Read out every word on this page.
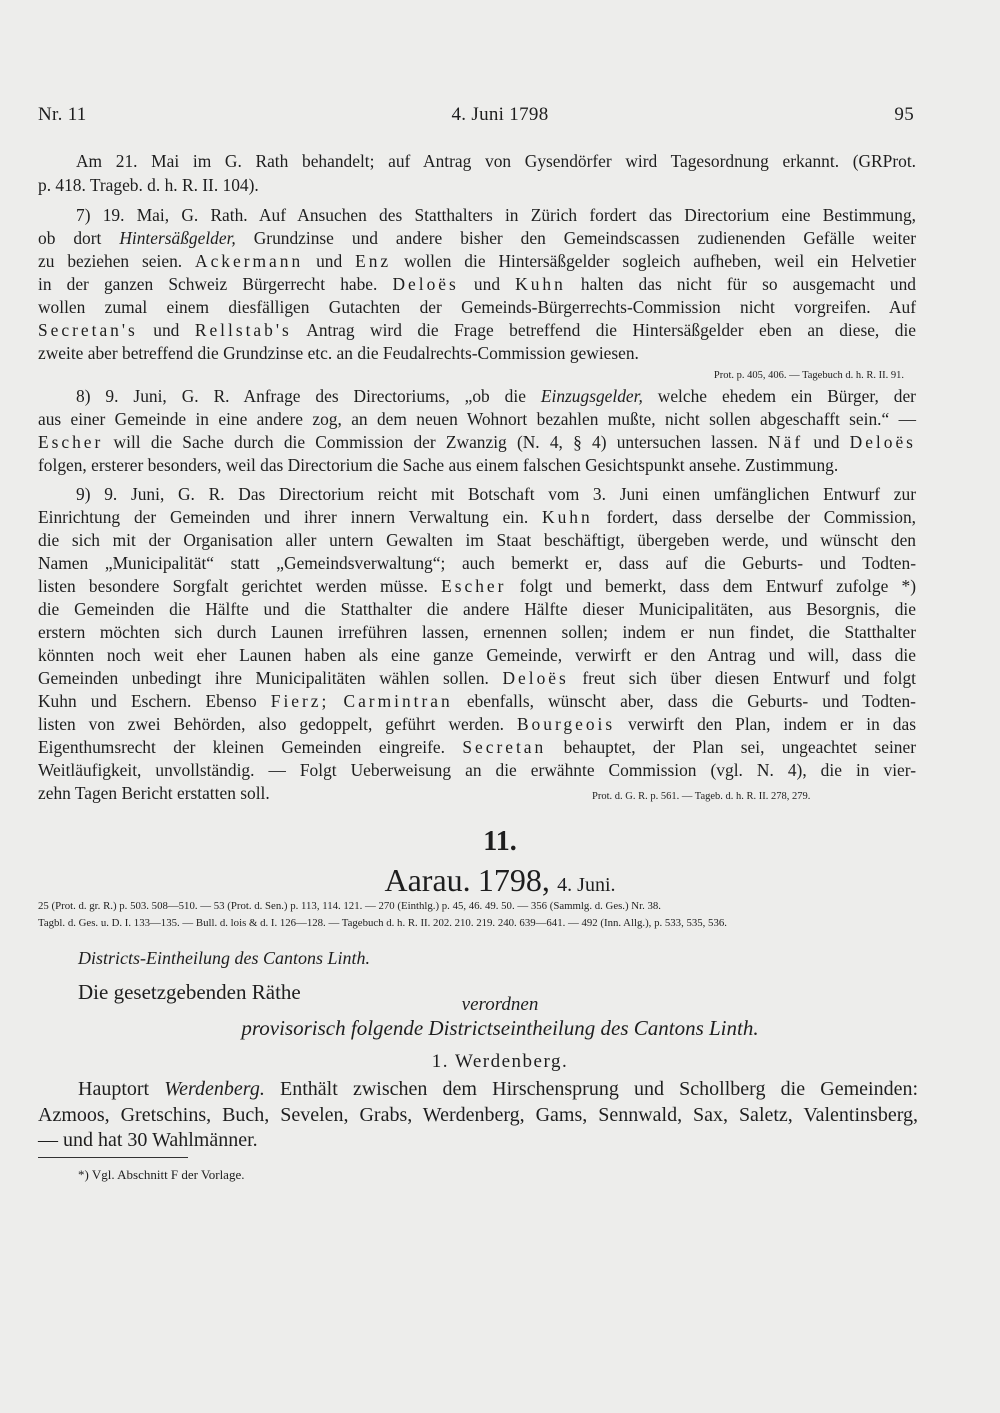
Nr. 11	4. Juni 1798	95
Am 21. Mai im G. Rath behandelt; auf Antrag von Gysendörfer wird Tagesordnung erkannt. (GRProt.
p. 418. Trageb. d. h. R. II. 104).
7) 19. Mai, G. Rath. Auf Ansuchen des Statthalters in Zürich fordert das Directorium eine Bestimmung,
ob dort Hintersäßgelder, Grundzinse und andere bisher den Gemeindscassen zudienenden Gefälle weiter
zu beziehen seien. Ackermann und Enz wollen die Hintersäßgelder sogleich aufheben, weil ein Helvetier
in der ganzen Schweiz Bürgerrecht habe. Deloës und Kuhn halten das nicht für so ausgemacht und
wollen zumal einem diesfälligen Gutachten der Gemeinds-Bürgerrechts-Commission nicht vorgreifen. Auf
Secretan's und Rellstab's Antrag wird die Frage betreffend die Hintersäßgelder eben an diese, die
zweite aber betreffend die Grundzinse etc. an die Feudalrechts-Commission gewiesen.
Prot. p. 405, 406. — Tagebuch d. h. R. II. 91.
8) 9. Juni, G. R. Anfrage des Directoriums, „ob die Einzugsgelder, welche ehedem ein Bürger, der
aus einer Gemeinde in eine andere zog, an dem neuen Wohnort bezahlen mußte, nicht sollen abgeschafft sein.“ —
Escher will die Sache durch die Commission der Zwanzig (N. 4, § 4) untersuchen lassen. Näf und Deloës
folgen, ersterer besonders, weil das Directorium die Sache aus einem falschen Gesichtspunkt ansehe. Zustimmung.
9) 9. Juni, G. R. Das Directorium reicht mit Botschaft vom 3. Juni einen umfänglichen Entwurf zur
Einrichtung der Gemeinden und ihrer innern Verwaltung ein. Kuhn fordert, dass derselbe der Commission,
die sich mit der Organisation aller untern Gewalten im Staat beschäftigt, übergeben werde, und wünscht den
Namen „Municipalität“ statt „Gemeindsverwaltung“; auch bemerkt er, dass auf die Geburts- und Todten-
listen besondere Sorgfalt gerichtet werden müsse. Escher folgt und bemerkt, dass dem Entwurf zufolge *)
die Gemeinden die Hälfte und die Statthalter die andere Hälfte dieser Municipalitäten, aus Besorgnis, die
erstern möchten sich durch Launen irreführen lassen, ernennen sollen; indem er nun findet, die Statthalter
könnten noch weit eher Launen haben als eine ganze Gemeinde, verwirft er den Antrag und will, dass die
Gemeinden unbedingt ihre Municipalitäten wählen sollen. Deloës freut sich über diesen Entwurf und folgt
Kuhn und Eschern. Ebenso Fierz; Carmintran ebenfalls, wünscht aber, dass die Geburts- und Todten-
listen von zwei Behörden, also gedoppelt, geführt werden. Bourgeois verwirft den Plan, indem er in das
Eigenthumsrecht der kleinen Gemeinden eingreife. Secretan behauptet, der Plan sei, ungeachtet seiner
Weitläufigkeit, unvollständig. — Folgt Ueberweisung an die erwähnte Commission (vgl. N. 4), die in vier-
zehn Tagen Bericht erstatten soll.	Prot. d. G. R. p. 561. — Tageb. d. h. R. II. 278, 279.
11.
Aarau. 1798, 4. Juni.
25 (Prot. d. gr. R.) p. 503. 508—510. — 53 (Prot. d. Sen.) p. 113, 114. 121. — 270 (Einthlg.) p. 45, 46. 49. 50. — 356 (Sammlg. d. Ges.) Nr. 38.
Tagbl. d. Ges. u. D. I. 133—135. — Bull. d. lois & d. I. 126—128. — Tagebuch d. h. R. II. 202. 210. 219. 240. 639—641. — 492 (Inn. Allg.), p. 533, 535, 536.
Districts-Eintheilung des Cantons Linth.
Die gesetzgebenden Räthe
verordnen
provisorisch folgende Districtseintheilung des Cantons Linth.
1. Werdenberg.
Hauptort Werdenberg. Enthält zwischen dem Hirschensprung und Schollberg die Gemeinden:
Azmoos, Gretschins, Buch, Sevelen, Grabs, Werdenberg, Gams, Sennwald, Sax, Saletz, Valentinsberg,
— und hat 30 Wahlmänner.
*) Vgl. Abschnitt F der Vorlage.
